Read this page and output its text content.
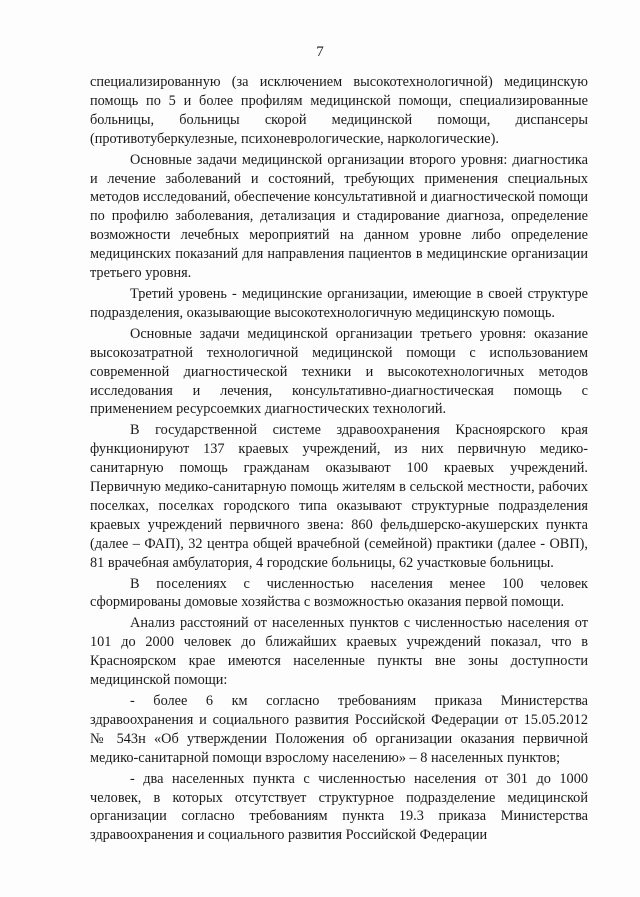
7

специализированную (за исключением высокотехнологичной) медицинскую помощь по 5 и более профилям медицинской помощи, специализированные больницы, больницы скорой медицинской помощи, диспансеры (противотуберкулезные, психоневрологические, наркологические).

Основные задачи медицинской организации второго уровня: диагностика и лечение заболеваний и состояний, требующих применения специальных методов исследований, обеспечение консультативной и диагностической помощи по профилю заболевания, детализация и стадирование диагноза, определение возможности лечебных мероприятий на данном уровне либо определение медицинских показаний для направления пациентов в медицинские организации третьего уровня.

Третий уровень - медицинские организации, имеющие в своей структуре подразделения, оказывающие высокотехнологичную медицинскую помощь.

Основные задачи медицинской организации третьего уровня: оказание высокозатратной технологичной медицинской помощи с использованием современной диагностической техники и высокотехнологичных методов исследования и лечения, консультативно-диагностическая помощь с применением ресурсоемких диагностических технологий.

В государственной системе здравоохранения Красноярского края функционируют 137 краевых учреждений, из них первичную медико-санитарную помощь гражданам оказывают 100 краевых учреждений. Первичную медико-санитарную помощь жителям в сельской местности, рабочих поселках, поселках городского типа оказывают структурные подразделения краевых учреждений первичного звена: 860 фельдшерско-акушерских пункта (далее – ФАП), 32 центра общей врачебной (семейной) практики (далее - ОВП), 81 врачебная амбулатория, 4 городские больницы, 62 участковые больницы.

В поселениях с численностью населения менее 100 человек сформированы домовые хозяйства с возможностью оказания первой помощи.

Анализ расстояний от населенных пунктов с численностью населения от 101 до 2000 человек до ближайших краевых учреждений показал, что в Красноярском крае имеются населенные пункты вне зоны доступности медицинской помощи:

- более 6 км согласно требованиям приказа Министерства здравоохранения и социального развития Российской Федерации от 15.05.2012 № 543н «Об утверждении Положения об организации оказания первичной медико-санитарной помощи взрослому населению» – 8 населенных пунктов;

- два населенных пункта с численностью населения от 301 до 1000 человек, в которых отсутствует структурное подразделение медицинской организации согласно требованиям пункта 19.3 приказа Министерства здравоохранения и социального развития Российской Федерации
